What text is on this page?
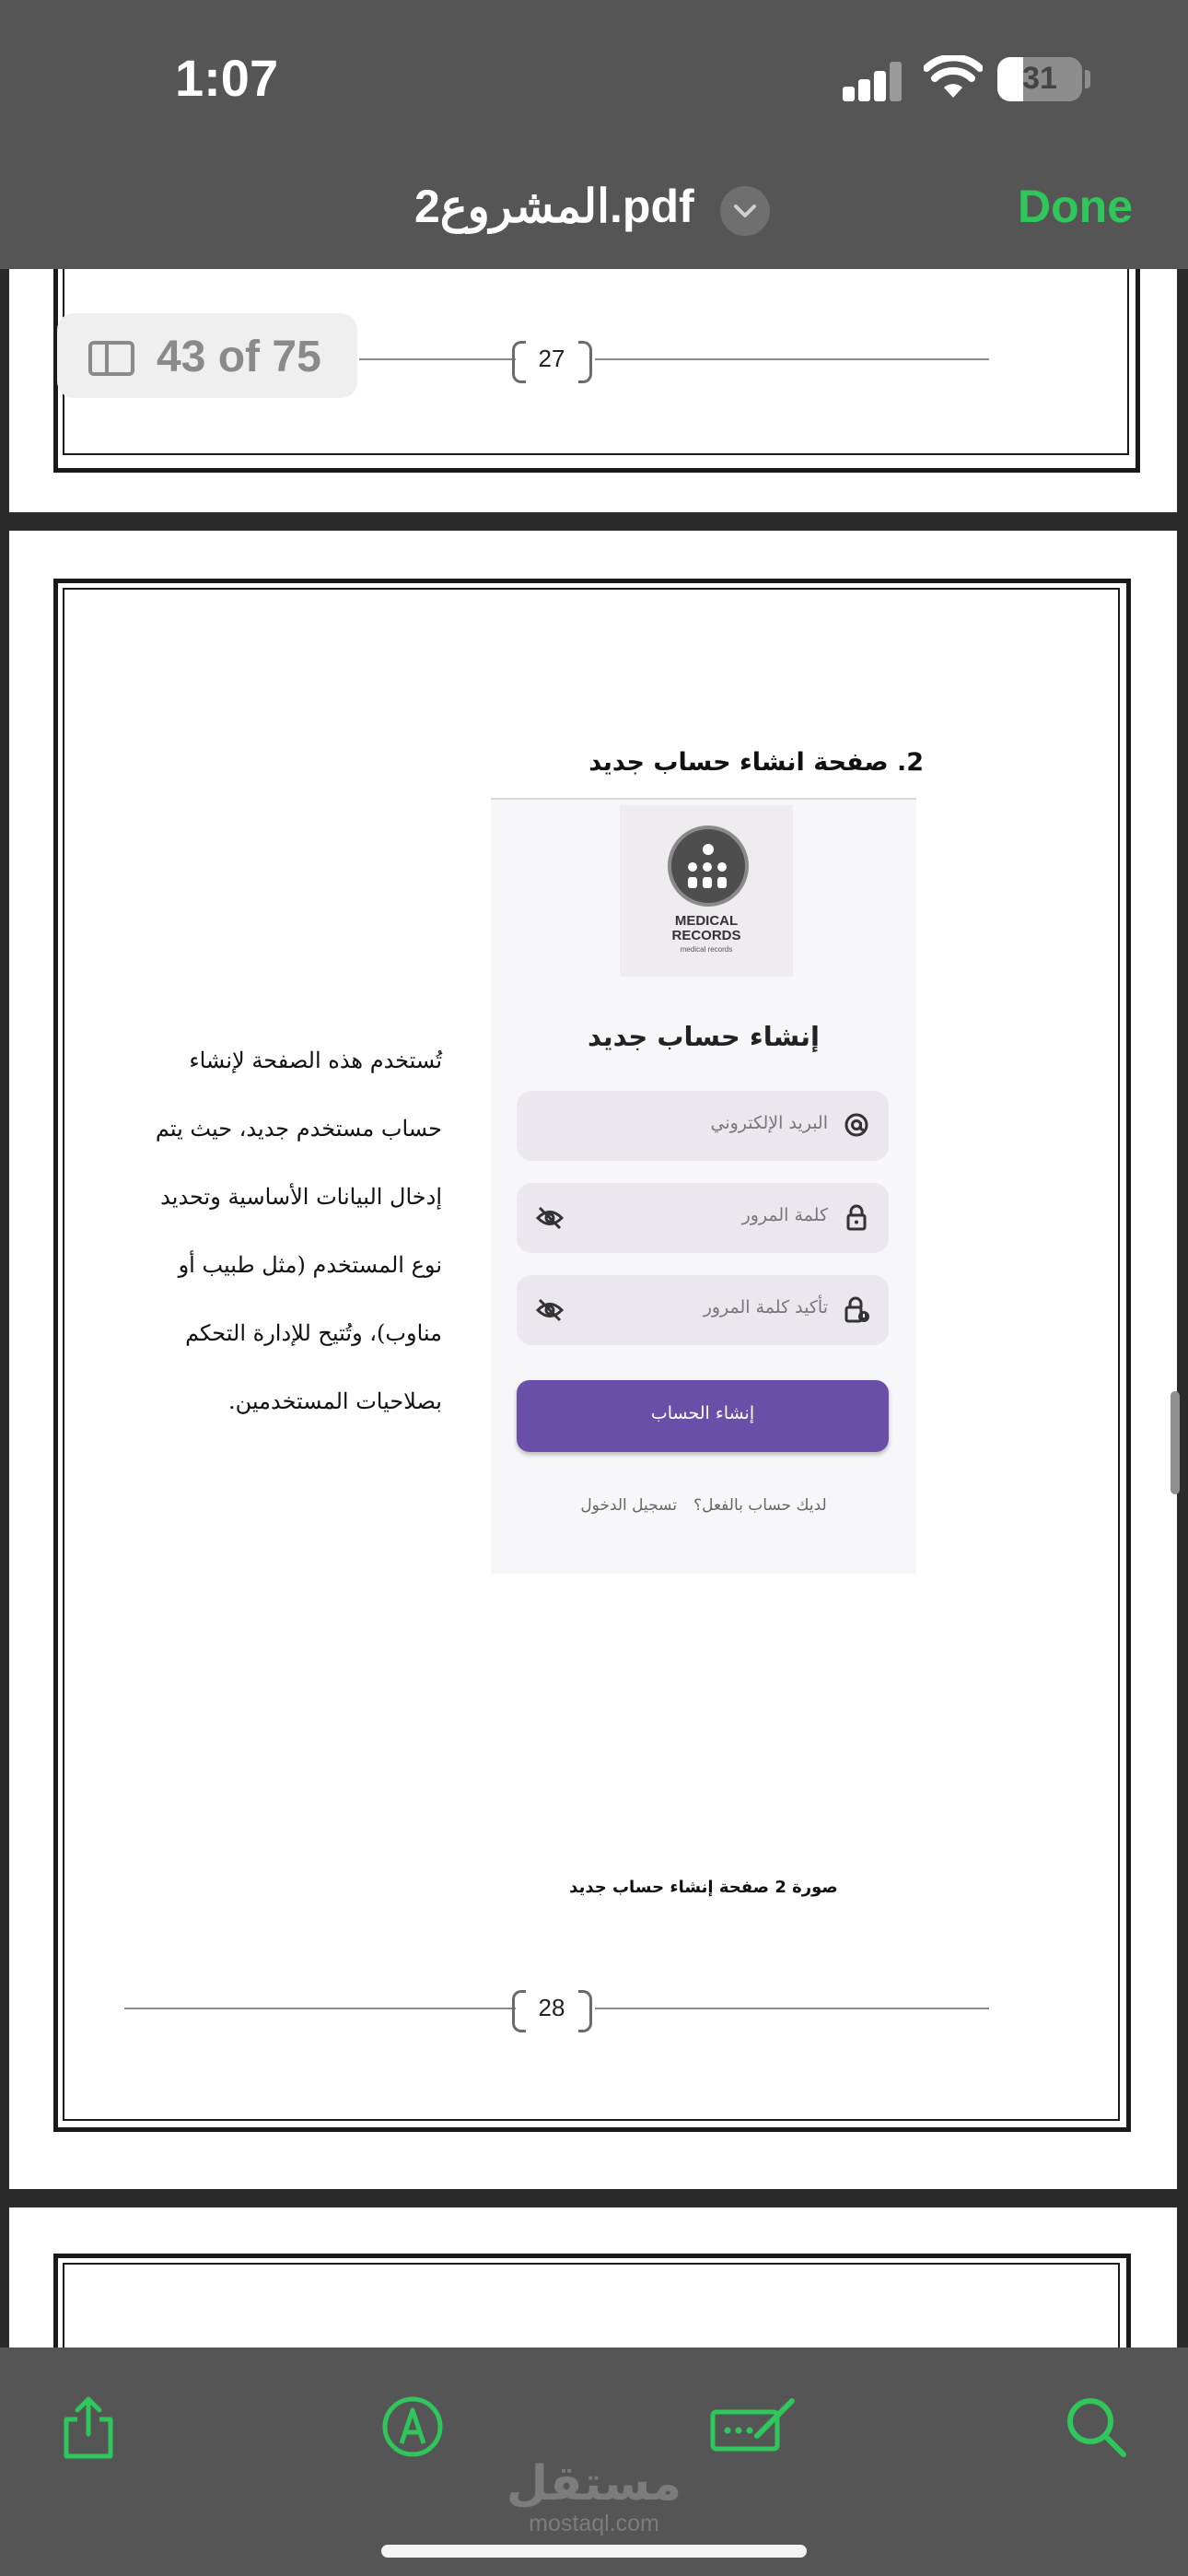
1:07	31
2المشروع.pdf	Done
27
43 of 75
2. صفحة انشاء حساب جديد
تُستخدم هذه الصفحة لإنشاء
حساب مستخدم جديد، حيث يتم
إدخال البيانات الأساسية وتحديد
نوع المستخدم (مثل طبيب أو
مناوب)، وتُتيح للإدارة التحكم
بصلاحيات المستخدمين.
MEDICAL
RECORDS
medical records
إنشاء حساب جديد
البريد الإلكتروني
كلمة المرور
تأكيد كلمة المرور
إنشاء الحساب
لديك حساب بالفعل؟تسجيل الدخول
صورة 2 صفحة إنشاء حساب جديد
28
مستقل
mostaql.com
